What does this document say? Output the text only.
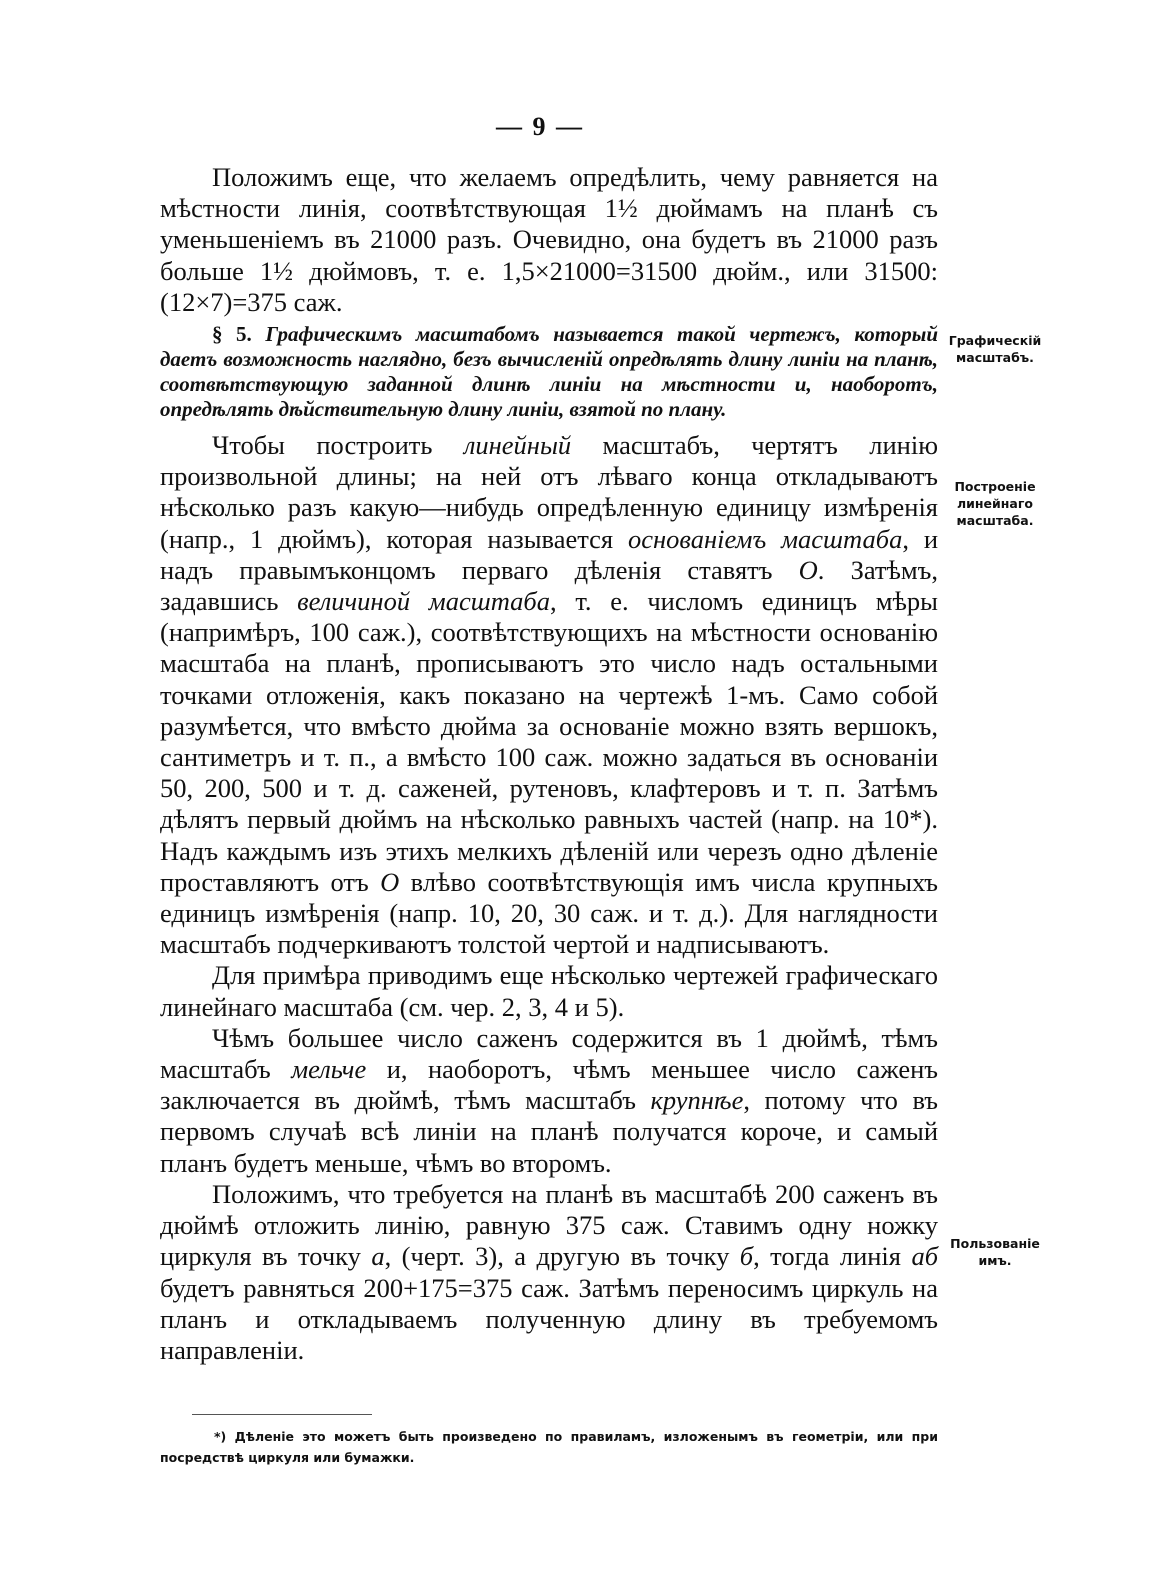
— 9 —

Положимъ еще, что желаемъ опредѣлить, чему равняется на мѣстности линія, соотвѣтствующая 1½ дюймамъ на планѣ съ уменьшеніемъ въ 21000 разъ. Очевидно, она будетъ въ 21000 разъ больше 1½ дюймовъ, т. е. 1,5×21000=31500 дюйм., или 31500:(12×7)=375 саж.

§ 5. Графическимъ масштабомъ называется такой чертежъ, который даетъ возможность наглядно, безъ вычисленій опредѣлять длину линіи на планѣ, соотвѣтствующую заданной длинѣ линіи на мѣстности и, наоборотъ, опредѣлять дѣйствительную длину линіи, взятой по плану.

Чтобы построить линейный масштабъ, чертятъ линію произвольной длины; на ней отъ лѣваго конца откладываютъ нѣсколько разъ какую—нибудь опредѣленную единицу измѣренія (напр., 1 дюймъ), которая называется основаніемъ масштаба, и надъ правымъконцомъ перваго дѣленія ставятъ О. Затѣмъ, задавшись величиной масштаба, т. е. числомъ единицъ мѣры (напримѣръ, 100 саж.), соотвѣтствующихъ на мѣстности основанію масштаба на планѣ, прописываютъ это число надъ остальными точками отложенія, какъ показано на чертежѣ 1-мъ. Само собой разумѣется, что вмѣсто дюйма за основаніе можно взять вершокъ, сантиметръ и т. п., а вмѣсто 100 саж. можно задаться въ основаніи 50, 200, 500 и т. д. саженей, рутеновъ, клафтеровъ и т. п. Затѣмъ дѣлятъ первый дюймъ на нѣсколько равныхъ частей (напр. на 10*). Надъ каждымъ изъ этихъ мелкихъ дѣленій или черезъ одно дѣленіе проставляютъ отъ О влѣво соотвѣтствующія имъ числа крупныхъ единицъ измѣренія (напр. 10, 20, 30 саж. и т. д.). Для наглядности масштабъ подчеркиваютъ толстой чертой и надписываютъ.

Для примѣра приводимъ еще нѣсколько чертежей графическаго линейнаго масштаба (см. чер. 2, 3, 4 и 5).

Чѣмъ большее число саженъ содержится въ 1 дюймѣ, тѣмъ масштабъ мельче и, наоборотъ, чѣмъ меньшее число саженъ заключается въ дюймѣ, тѣмъ масштабъ крупнѣе, потому что въ первомъ случаѣ всѣ линіи на планѣ получатся короче, и самый планъ будетъ меньше, чѣмъ во второмъ.

Положимъ, что требуется на планѣ въ масштабѣ 200 саженъ въ дюймѣ отложить линію, равную 375 саж. Ставимъ одну ножку циркуля въ точку а, (черт. 3), а другую въ точку б, тогда линія аб будетъ равняться 200+175=375 саж. Затѣмъ переносимъ циркуль на планъ и откладываемъ полученную длину въ требуемомъ направленіи.

Графическій масштабъ.
Построеніе линейнаго масштаба.
Пользованіе имъ.
*) Дѣленіе это можетъ быть произведено по правиламъ, изложенымъ въ геометріи, или при посредствѣ циркуля или бумажки.
